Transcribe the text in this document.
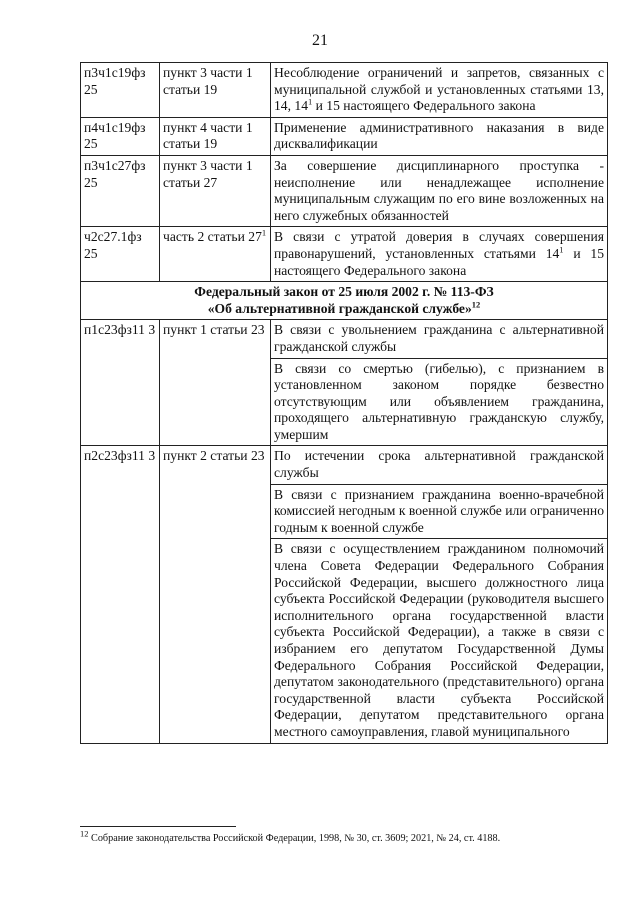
21
п3ч1с19фз 25	пункт 3 части 1 статьи 19	Несоблюдение ограничений и запретов, связанных с муниципальной службой и установленных статьями 13, 14, $14^1$ и 15 настоящего Федерального закона
п4ч1с19фз 25	пункт 4 части 1 статьи 19	Применение административного наказания в виде дисквалификации
п3ч1с27фз 25	пункт 3 части 1 статьи 27	За совершение дисциплинарного проступка - неисполнение или ненадлежащее исполнение муниципальным служащим по его вине возложенных на него служебных обязанностей
ч2с27.1фз 25	часть 2 статьи $27^1$	В связи с утратой доверия в случаях совершения правонарушений, установленных статьями $14^1$ и 15 настоящего Федерального закона

Федеральный закон от 25 июля 2002 г. № 113-ФЗ
«Об альтернативной гражданской службе»$^{12}$

п1с23фз11 3	пункт 1 статьи 23	В связи с увольнением гражданина с альтернативной гражданской службы
		В связи со смертью (гибелью), с признанием в установленном законом порядке безвестно отсутствующим или объявлением гражданина, проходящего альтернативную гражданскую службу, умершим
п2с23фз11 3	пункт 2 статьи 23	По истечении срока альтернативной гражданской службы
		В связи с признанием гражданина военно-врачебной комиссией негодным к военной службе или ограниченно годным к военной службе
		В связи с осуществлением гражданином полномочий члена Совета Федерации Федерального Собрания Российской Федерации, высшего должностного лица субъекта Российской Федерации (руководителя высшего исполнительного органа государственной власти субъекта Российской Федерации), а также в связи с избранием его депутатом Государственной Думы Федерального Собрания Российской Федерации, депутатом законодательного (представительного) органа государственной власти субъекта Российской Федерации, депутатом представительного органа местного самоуправления, главой муниципального
$^{12}$ Собрание законодательства Российской Федерации, 1998, № 30, ст. 3609; 2021, № 24, ст. 4188.
